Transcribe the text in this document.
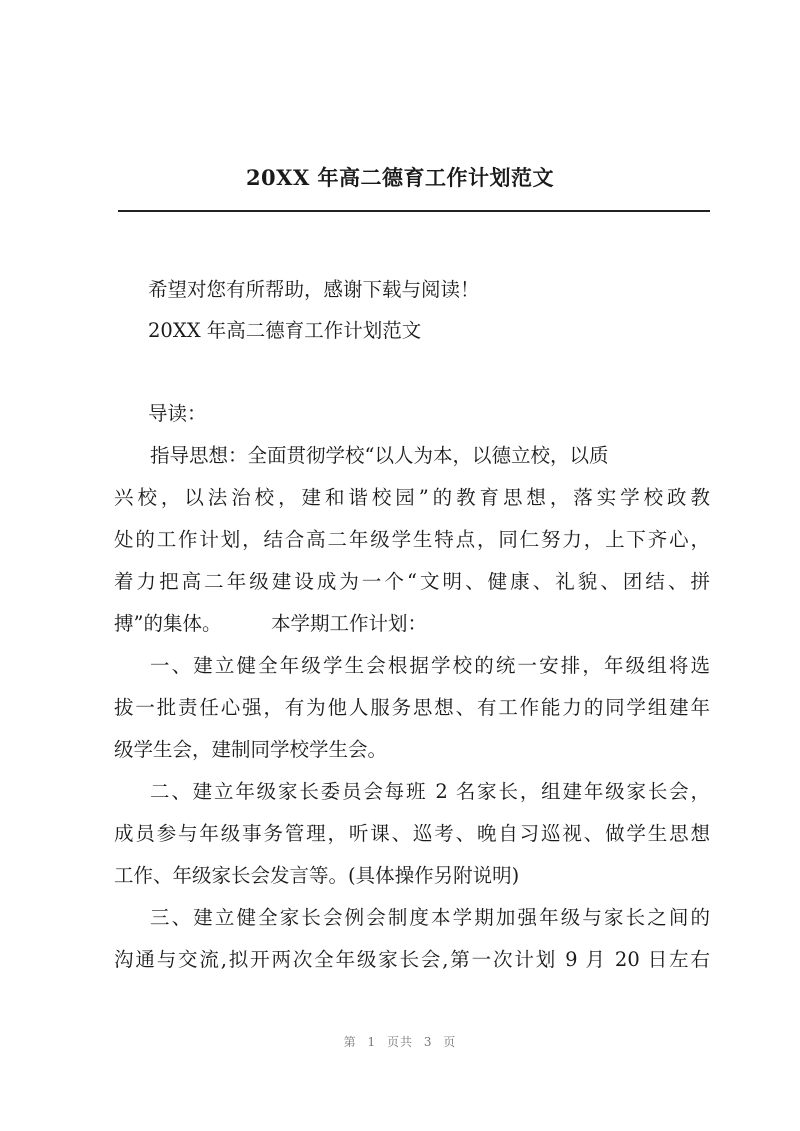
20XX 年高二德育工作计划范文
希望对您有所帮助，感谢下载与阅读！
20XX 年高二德育工作计划范文
导读：
指导思想：全面贯彻学校“以人为本，以德立校，以质
兴校，以法治校，建和谐校园”的教育思想，落实学校政教
处的工作计划，结合高二年级学生特点，同仁努力，上下齐心，
着力把高二年级建设成为一个“文明、健康、礼貌、团结、拼
搏”的集体。        本学期工作计划：
一、建立健全年级学生会根据学校的统一安排，年级组将选
拔一批责任心强，有为他人服务思想、有工作能力的同学组建年
级学生会，建制同学校学生会。
二、建立年级家长委员会每班 2 名家长，组建年级家长会，
成员参与年级事务管理，听课、巡考、晚自习巡视、做学生思想
工作、年级家长会发言等。(具体操作另附说明)
三、建立健全家长会例会制度本学期加强年级与家长之间的
沟通与交流,拟开两次全年级家长会,第一次计划 9 月 20 日左右
第 1 页共 3 页
